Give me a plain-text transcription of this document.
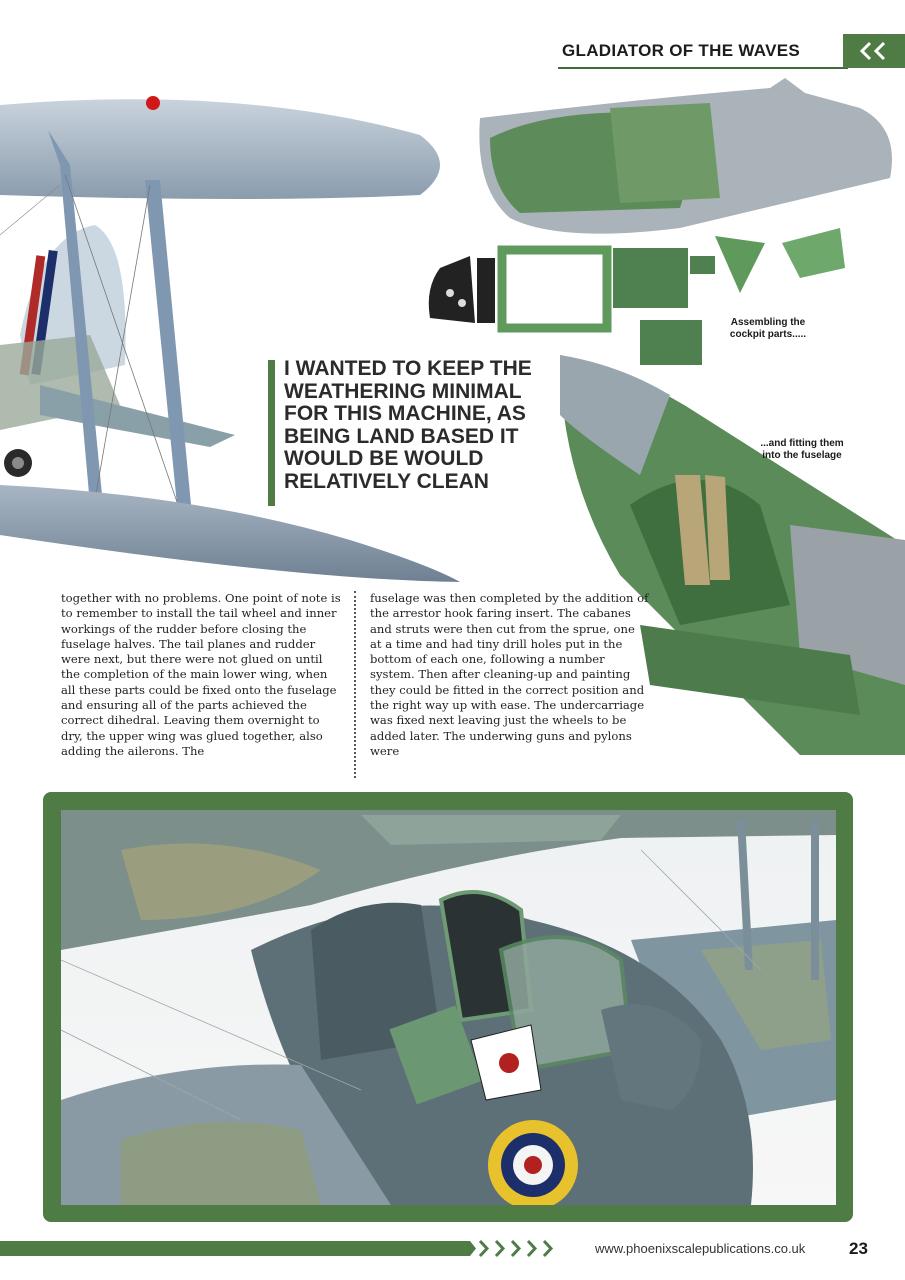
GLADIATOR OF THE WAVES
Assembling the cockpit parts.....
...and fitting them into the fuselage

I WANTED TO KEEP THE WEATHERING MINIMAL FOR THIS MACHINE, AS BEING LAND BASED IT WOULD BE WOULD RELATIVELY CLEAN

together with no problems. One point of note is to remember to install the tail wheel and inner workings of the rudder before closing the fuselage halves. The tail planes and rudder were next, but there were not glued on until the completion of the main lower wing, when all these parts could be fixed onto the fuselage and ensuring all of the parts achieved the correct dihedral. Leaving them overnight to dry, the upper wing was glued together, also adding the ailerons. The

fuselage was then completed by the addition of the arrestor hook faring insert. The cabanes and struts were then cut from the sprue, one at a time and had tiny drill holes put in the bottom of each one, following a number system. Then after cleaning-up and painting they could be fitted in the correct position and the right way up with ease. The undercarriage was fixed next leaving just the wheels to be added later. The underwing guns and pylons were

www.phoenixscalepublications.co.uk	23
